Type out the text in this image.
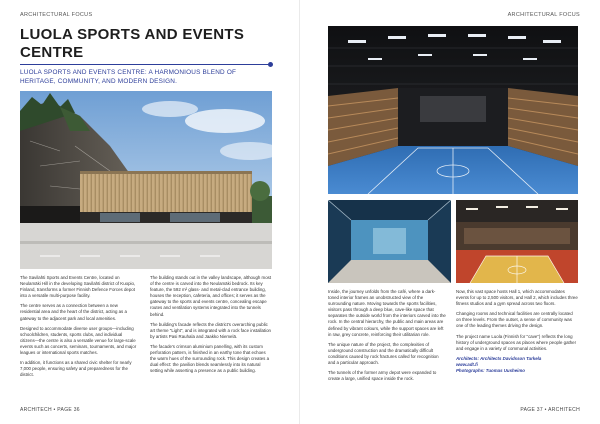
ARCHITECTURAL FOCUS
LUOLA SPORTS AND EVENTS CENTRE
LUOLA SPORTS AND EVENTS CENTRE: A HARMONIOUS BLEND OF HERITAGE, COMMUNITY, AND MODERN DESIGN.

The Savilahti Sports and Events Centre, located on Neulamäki Hill in the developing Savilahti district of Kuopio, Finland, transforms a former Finnish Defence Forces depot into a versatile multi-purpose facility.

The centre serves as a connection between a new residential area and the heart of the district, acting as a gateway to the adjacent park and local amenities.

Designed to accommodate diverse user groups—including schoolchildren, students, sports clubs, and individual citizens—the centre is also a versatile venue for large-scale events such as concerts, seminars, tournaments, and major leagues or international sports matches.

In addition, it functions as a shared civic shelter for nearly 7,000 people, ensuring safety and preparedness for the district.

The building stands out in the valley landscape, although most of the centre is carved into the Neulamäki bedrock. Its key feature, the 592 m² glass- and metal-clad entrance building, houses the reception, cafeteria, and offices; it serves as the gateway to the sports and events centre, concealing escape routes and ventilation systems integrated into the tunnels behind.

The building's facade reflects the district's overarching public art theme "Light", and is integrated with a rock face installation by artists Pasi Rauhala and Jaakko Niemelä.

The facade's crimson aluminium panelling, with its custom perforation pattern, is finished in an earthy tone that echoes the warm hues of the surrounding rock. This design creates a dual effect: the pavilion blends seamlessly into its natural setting while asserting a presence as a public building.

ARCHITECH • PAGE 36
ARCHITECTURAL FOCUS

Inside, the journey unfolds from the café, where a dark-toned interior frames an unobstructed view of the surrounding nature. Moving towards the sports facilities, visitors pass through a deep blue, cave-like space that separates the outside world from the interiors carved into the rock. In the central hierarchy, the public and main areas are defined by vibrant colours, while the support spaces are left in raw, grey concrete, reinforcing their utilitarian role.

The unique nature of the project, the complexities of underground construction and the dramatically difficult conditions caused by rock fractures called for recognition and a particular approach.

The tunnels of the former army depot were expanded to create a large, unified space inside the rock.

Now, this vast space hosts Hall 1, which accommodates events for up to 2,500 visitors, and Hall 2, which includes three fitness studios and a gym spread across two floors.

Changing rooms and technical facilities are centrally located on three levels. From the outset, a sense of community was one of the leading themes driving the design.

The project name Luola (Finnish for "cave") reflects the long history of underground spaces as places where people gather and engage in a variety of communal activities.

Architects: Architects Davidsson Tarkela
www.adt.fi
Photographs: Tuomas Uusheimo
PAGE 37 • ARCHITECH
